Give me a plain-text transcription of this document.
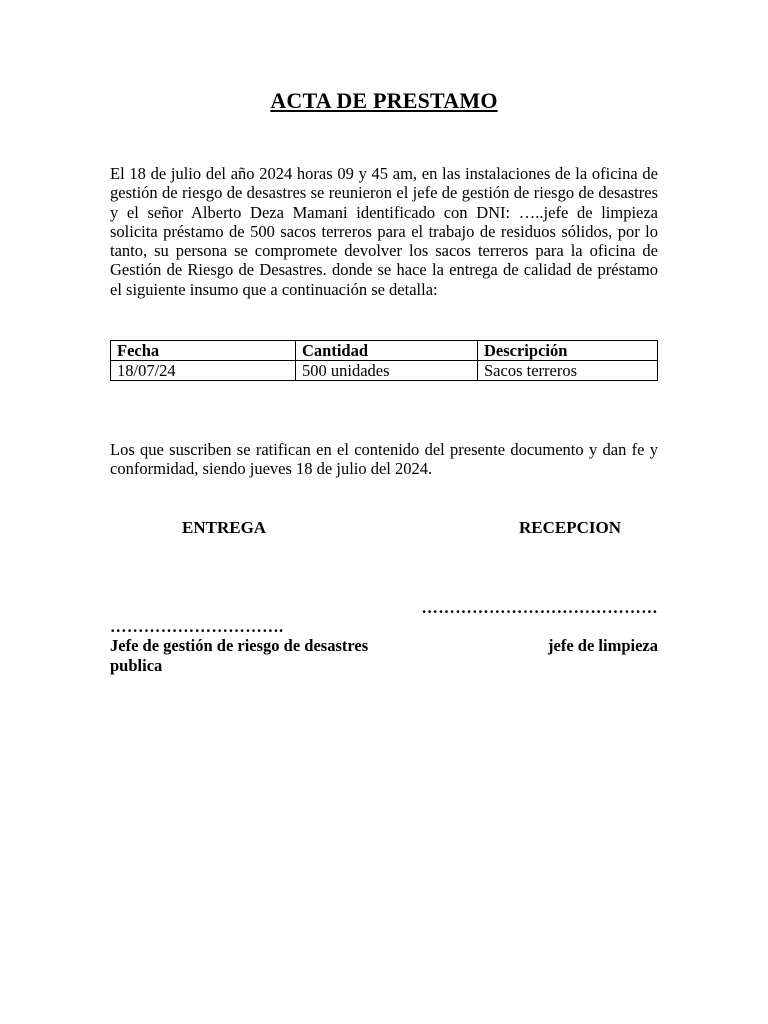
ACTA DE PRESTAMO
El 18 de julio del año 2024 horas 09 y 45 am, en las instalaciones de la oficina de gestión de riesgo de desastres se reunieron el jefe de gestión de riesgo de desastres y el señor Alberto Deza Mamani identificado con DNI: …..jefe de limpieza solicita préstamo de 500 sacos terreros para el trabajo de residuos sólidos, por lo tanto, su persona se compromete devolver los sacos terreros para la oficina de Gestión de Riesgo de Desastres. donde se hace la entrega de calidad de préstamo el siguiente insumo que a continuación se detalla:
Fecha	Cantidad	Descripción
18/07/24	500 unidades	Sacos terreros
Los que suscriben se ratifican en el contenido del presente documento y dan fe y conformidad, siendo jueves 18 de julio del 2024.
ENTREGA	RECEPCION
……………………………………
………………………….
Jefe de gestión de riesgo de desastres publica
jefe de limpieza
